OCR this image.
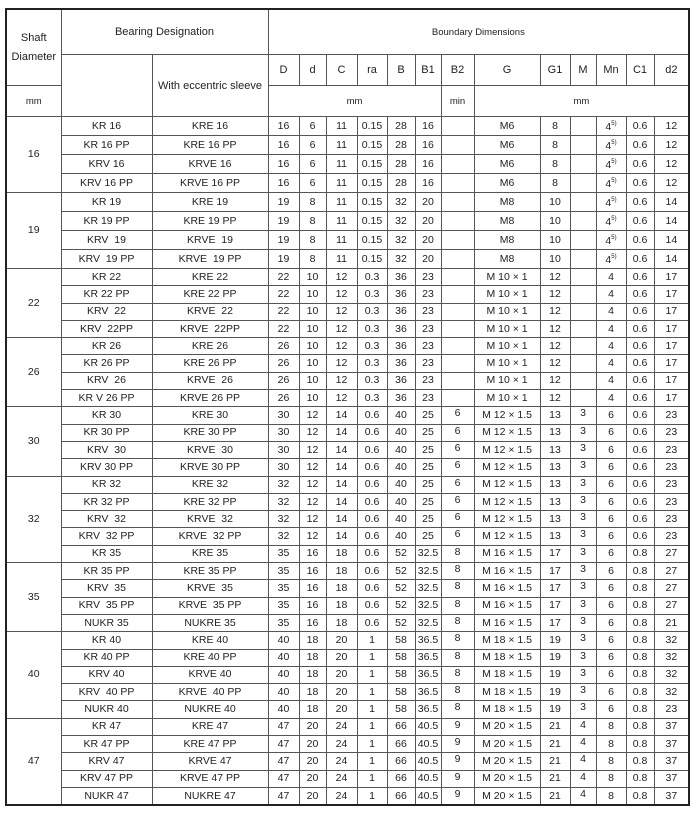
Shaft Diameter	Bearing Designation		Boundary Dimensions												
		With eccentric sleeve	D	d	C	ra	B	B1	B2	G	G1	M	Mn	C1	d2
mm			mm						min	mm					
16	KR 16	KRE 16	16	6	11	0.15	28	16		M6	8		4$^{5)}$	0.6	12
	KR 16 PP	KRE 16 PP	16	6	11	0.15	28	16		M6	8		4$^{5)}$	0.6	12
	KRV 16	KRVE 16	16	6	11	0.15	28	16		M6	8		4$^{5)}$	0.6	12
	KRV 16 PP	KRVE 16 PP	16	6	11	0.15	28	16		M6	8		4$^{5)}$	0.6	12
19	KR 19	KRE 19	19	8	11	0.15	32	20		M8	10		4$^{5)}$	0.6	14
	KR 19 PP	KRE 19 PP	19	8	11	0.15	32	20		M8	10		4$^{5)}$	0.6	14
	KRV  19	KRVE  19	19	8	11	0.15	32	20		M8	10		4$^{5)}$	0.6	14
	KRV  19 PP	KRVE  19 PP	19	8	11	0.15	32	20		M8	10		4$^{5)}$	0.6	14
22	KR 22	KRE 22	22	10	12	0.3	36	23		M 10 × 1	12		4	0.6	17
	KR 22 PP	KRE 22 PP	22	10	12	0.3	36	23		M 10 × 1	12		4	0.6	17
	KRV  22	KRVE  22	22	10	12	0.3	36	23		M 10 × 1	12		4	0.6	17
	KRV  22PP	KRVE  22PP	22	10	12	0.3	36	23		M 10 × 1	12		4	0.6	17
26	KR 26	KRE 26	26	10	12	0.3	36	23		M 10 × 1	12		4	0.6	17
	KR 26 PP	KRE 26 PP	26	10	12	0.3	36	23		M 10 × 1	12		4	0.6	17
	KRV  26	KRVE  26	26	10	12	0.3	36	23		M 10 × 1	12		4	0.6	17
	KR V 26 PP	KRVE 26 PP	26	10	12	0.3	36	23		M 10 × 1	12		4	0.6	17
30	KR 30	KRE 30	30	12	14	0.6	40	25	6	M 12 × 1.5	13	3	6	0.6	23
	KR 30 PP	KRE 30 PP	30	12	14	0.6	40	25	6	M 12 × 1.5	13	3	6	0.6	23
	KRV  30	KRVE  30	30	12	14	0.6	40	25	6	M 12 × 1.5	13	3	6	0.6	23
	KRV 30 PP	KRVE 30 PP	30	12	14	0.6	40	25	6	M 12 × 1.5	13	3	6	0.6	23
32	KR 32	KRE 32	32	12	14	0.6	40	25	6	M 12 × 1.5	13	3	6	0.6	23
	KR 32 PP	KRE 32 PP	32	12	14	0.6	40	25	6	M 12 × 1.5	13	3	6	0.6	23
	KRV  32	KRVE  32	32	12	14	0.6	40	25	6	M 12 × 1.5	13	3	6	0.6	23
	KRV  32 PP	KRVE  32 PP	32	12	14	0.6	40	25	6	M 12 × 1.5	13	3	6	0.6	23
	KR 35	KRE 35	35	16	18	0.6	52	32.5	8	M 16 × 1.5	17	3	6	0.8	27
35	KR 35 PP	KRE 35 PP	35	16	18	0.6	52	32.5	8	M 16 × 1.5	17	3	6	0.8	27
	KRV  35	KRVE  35	35	16	18	0.6	52	32.5	8	M 16 × 1.5	17	3	6	0.8	27
	KRV  35 PP	KRVE  35 PP	35	16	18	0.6	52	32.5	8	M 16 × 1.5	17	3	6	0.8	27
	NUKR 35	NUKRE 35	35	16	18	0.6	52	32.5	8	M 16 × 1.5	17	3	6	0.8	21
40	KR 40	KRE 40	40	18	20	1	58	36.5	8	M 18 × 1.5	19	3	6	0.8	32
	KR 40 PP	KRE 40 PP	40	18	20	1	58	36.5	8	M 18 × 1.5	19	3	6	0.8	32
	KRV 40	KRVE 40	40	18	20	1	58	36.5	8	M 18 × 1.5	19	3	6	0.8	32
	KRV  40 PP	KRVE  40 PP	40	18	20	1	58	36.5	8	M 18 × 1.5	19	3	6	0.8	32
	NUKR 40	NUKRE 40	40	18	20	1	58	36.5	8	M 18 × 1.5	19	3	6	0.8	23
47	KR 47	KRE 47	47	20	24	1	66	40.5	9	M 20 × 1.5	21	4	8	0.8	37
	KR 47 PP	KRE 47 PP	47	20	24	1	66	40.5	9	M 20 × 1.5	21	4	8	0.8	37
	KRV 47	KRVE 47	47	20	24	1	66	40.5	9	M 20 × 1.5	21	4	8	0.8	37
	KRV 47 PP	KRVE 47 PP	47	20	24	1	66	40.5	9	M 20 × 1.5	21	4	8	0.8	37
	NUKR 47	NUKRE 47	47	20	24	1	66	40.5	9	M 20 × 1.5	21	4	8	0.8	37
